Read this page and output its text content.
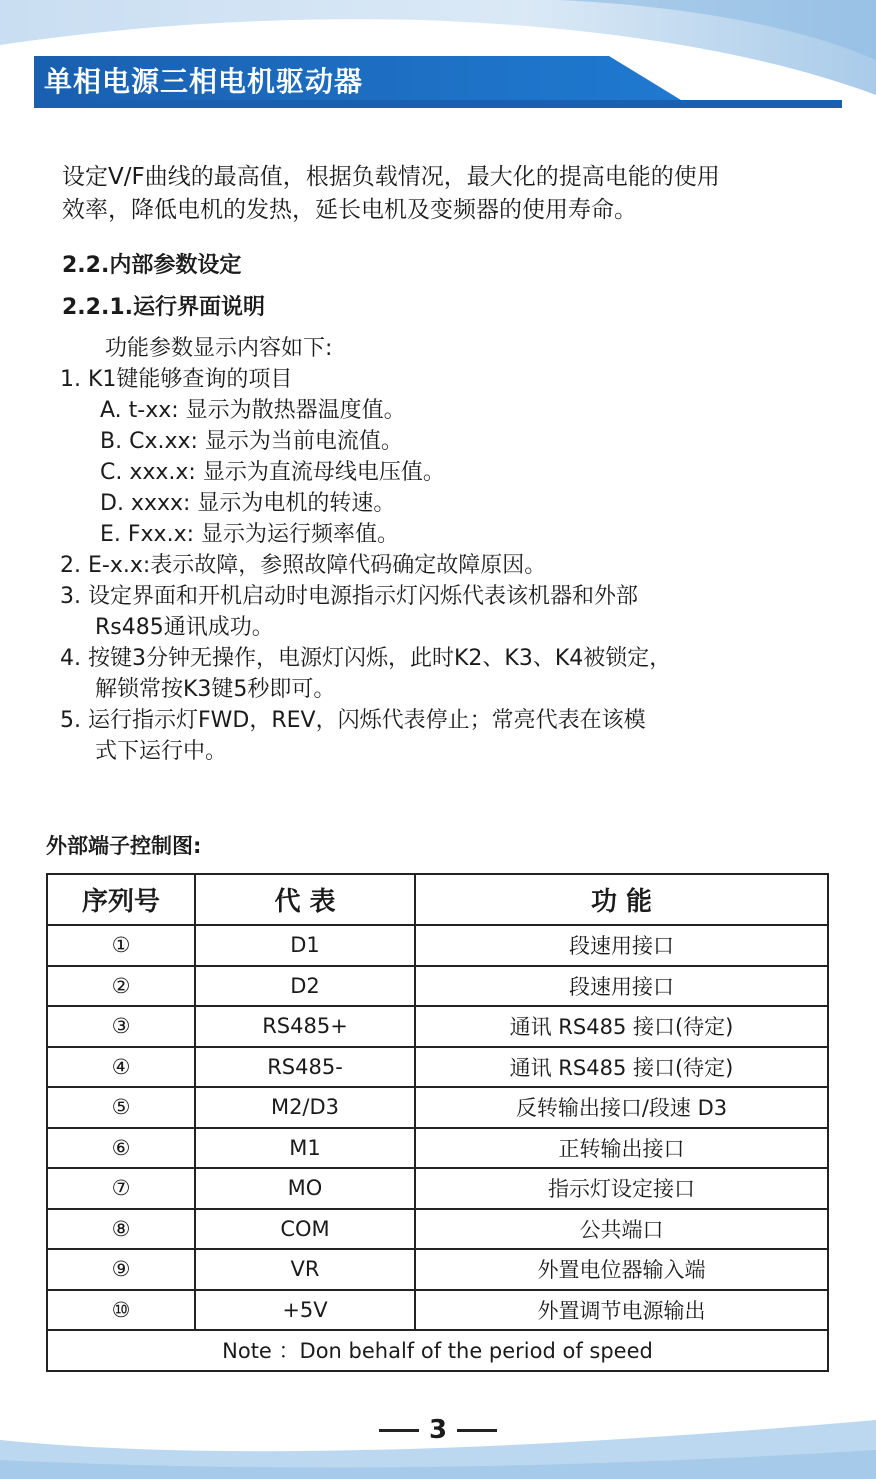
单相电源三相电机驱动器

设定V/F曲线的最高值，根据负载情况，最大化的提高电能的使用
效率，降低电机的发热，延长电机及变频器的使用寿命。

2.2.内部参数设定
2.2.1.运行界面说明
功能参数显示内容如下:
1. K1键能够查询的项目
A. t-xx: 显示为散热器温度值。
B. Cx.xx: 显示为当前电流值。
C. xxx.x: 显示为直流母线电压值。
D. xxxx: 显示为电机的转速。
E. Fxx.x: 显示为运行频率值。
2. E-x.x:表示故障，参照故障代码确定故障原因。
3. 设定界面和开机启动时电源指示灯闪烁代表该机器和外部
Rs485通讯成功。
4. 按键3分钟无操作，电源灯闪烁，此时K2、K3、K4被锁定，
解锁常按K3键5秒即可。
5. 运行指示灯FWD，REV，闪烁代表停止；常亮代表在该模
式下运行中。
外部端子控制图:
序列号	代 表	功 能
①	D1	段速用接口
②	D2	段速用接口
③	RS485+	通讯 RS485 接口(待定)
④	RS485-	通讯 RS485 接口(待定)
⑤	M2/D3	反转输出接口/段速 D3
⑥	M1	正转输出接口
⑦	MO	指示灯设定接口
⑧	COM	公共端口
⑨	VR	外置电位器输入端
⑩	+5V	外置调节电源输出
Note ：Don behalf of the period of speed		
3
